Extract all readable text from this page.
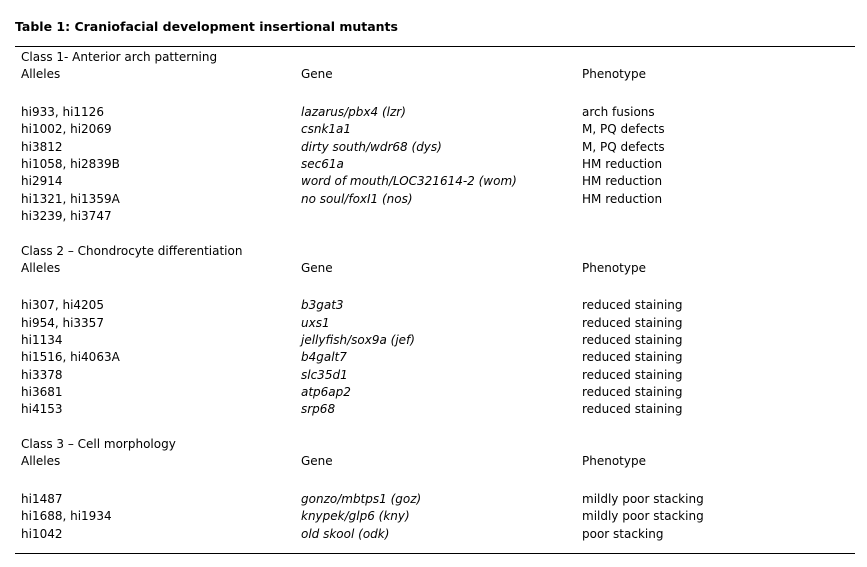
Table 1: Craniofacial development insertional mutants
Class 1- Anterior arch patterning
Alleles	Gene	Phenotype
hi933, hi1126	lazarus/pbx4 (lzr)	arch fusions
hi1002, hi2069	csnk1a1	M, PQ defects
hi3812	dirty south/wdr68 (dys)	M, PQ defects
hi1058, hi2839B	sec61a	HM reduction
hi2914	word of mouth/LOC321614-2 (wom)	HM reduction
hi1321, hi1359A	no soul/foxI1 (nos)	HM reduction
hi3239, hi3747
Class 2 – Chondrocyte differentiation
Alleles	Gene	Phenotype
hi307, hi4205	b3gat3	reduced staining
hi954, hi3357	uxs1	reduced staining
hi1134	jellyfish/sox9a (jef)	reduced staining
hi1516, hi4063A	b4galt7	reduced staining
hi3378	slc35d1	reduced staining
hi3681	atp6ap2	reduced staining
hi4153	srp68	reduced staining
Class 3 – Cell morphology
Alleles	Gene	Phenotype
hi1487	gonzo/mbtps1 (goz)	mildly poor stacking
hi1688, hi1934	knypek/glp6 (kny)	mildly poor stacking
hi1042	old skool (odk)	poor stacking
